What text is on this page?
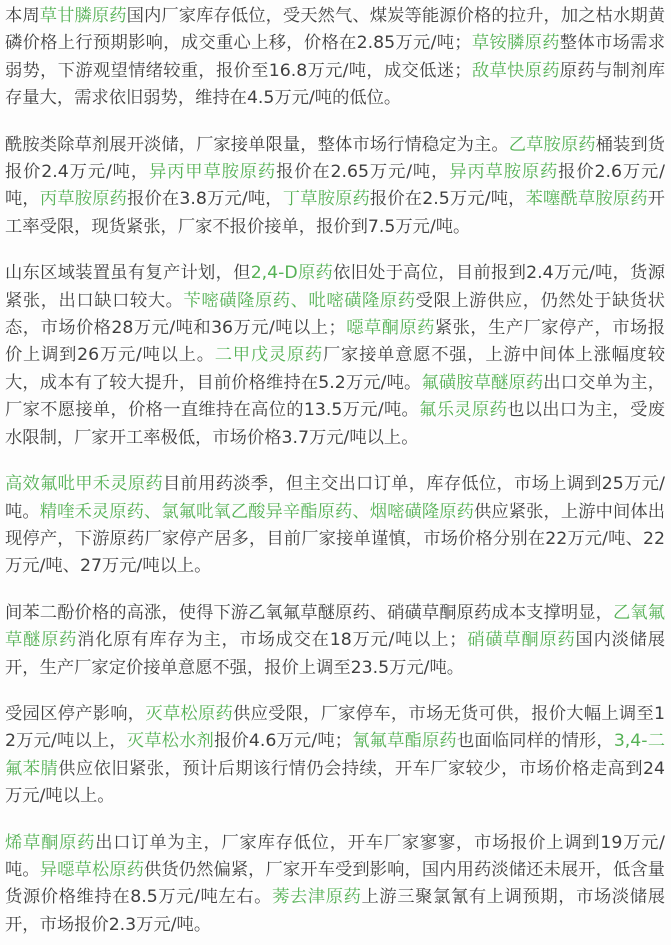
本周草甘膦原药国内厂家库存低位，受天然气、煤炭等能源价格的拉升，加之枯水期黄磷价格上行预期影响，成交重心上移，价格在2.85万元/吨；草铵膦原药整体市场需求弱势，下游观望情绪较重，报价至16.8万元/吨，成交低迷；敌草快原药原药与制剂库存量大，需求依旧弱势，维持在4.5万元/吨的低位。

酰胺类除草剂展开淡储，厂家接单限量，整体市场行情稳定为主。乙草胺原药桶装到货报价2.4万元/吨，异丙甲草胺原药报价在2.65万元/吨，异丙草胺原药报价2.6万元/吨，丙草胺原药报价在3.8万元/吨，丁草胺原药报价在2.5万元/吨，苯噻酰草胺原药开工率受限，现货紧张，厂家不报价接单，报价到7.5万元/吨。

山东区域装置虽有复产计划，但2,4-D原药依旧处于高位，目前报到2.4万元/吨，货源紧张，出口缺口较大。苄嘧磺隆原药、吡嘧磺隆原药受限上游供应，仍然处于缺货状态，市场价格28万元/吨和36万元/吨以上；噁草酮原药紧张，生产厂家停产，市场报价上调到26万元/吨以上。二甲戊灵原药厂家接单意愿不强，上游中间体上涨幅度较大，成本有了较大提升，目前价格维持在5.2万元/吨。氟磺胺草醚原药出口交单为主，厂家不愿接单，价格一直维持在高位的13.5万元/吨。氟乐灵原药也以出口为主，受废水限制，厂家开工率极低，市场价格3.7万元/吨以上。

高效氟吡甲禾灵原药目前用药淡季，但主交出口订单，库存低位，市场上调到25万元/吨。精喹禾灵原药、氯氟吡氧乙酸异辛酯原药、烟嘧磺隆原药供应紧张，上游中间体出现停产，下游原药厂家停产居多，目前厂家接单谨慎，市场价格分别在22万元/吨、22万元/吨、27万元/吨以上。

间苯二酚价格的高涨，使得下游乙氧氟草醚原药、硝磺草酮原药成本支撑明显，乙氧氟草醚原药消化原有库存为主，市场成交在18万元/吨以上；硝磺草酮原药国内淡储展开，生产厂家定价接单意愿不强，报价上调至23.5万元/吨。

受园区停产影响，灭草松原药供应受限，厂家停车，市场无货可供，报价大幅上调至12万元/吨以上，灭草松水剂报价4.6万元/吨；氰氟草酯原药也面临同样的情形，3,4-二氟苯腈供应依旧紧张，预计后期该行情仍会持续，开车厂家较少，市场价格走高到24万元/吨以上。

烯草酮原药出口订单为主，厂家库存低位，开车厂家寥寥，市场报价上调到19万元/吨。异噁草松原药供货仍然偏紧，厂家开车受到影响，国内用药淡储还未展开，低含量货源价格维持在8.5万元/吨左右。莠去津原药上游三聚氯氰有上调预期，市场淡储展开，市场报价2.3万元/吨。
